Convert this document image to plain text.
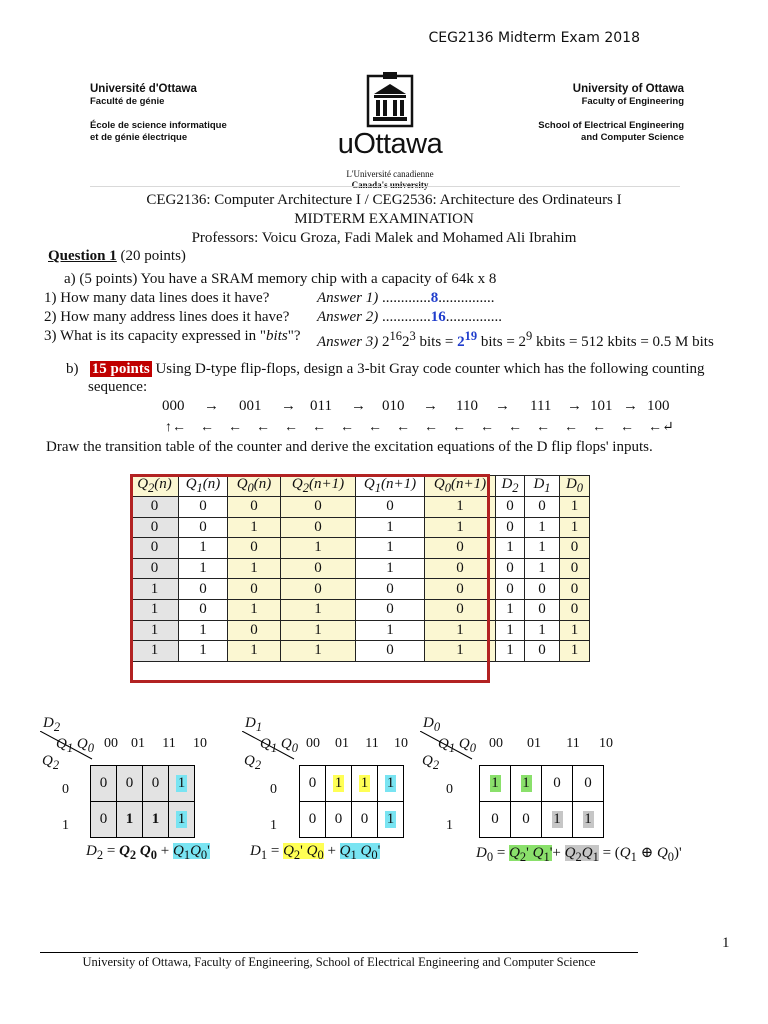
CEG2136 Midterm Exam 2018
Université d'Ottawa
Faculté de génie
École de science informatique
et de génie électrique	uOttawa
L'Université canadienne
Canada's university
University of Ottawa
Faculty of Engineering
School of Electrical Engineering
and Computer Science
CEG2136: Computer Architecture I / CEG2536: Architecture des Ordinateurs I
MIDTERM EXAMINATION
Professors: Voicu Groza, Fadi Malek and Mohamed Ali Ibrahim
Question 1 (20 points)
a) (5 points) You have a SRAM memory chip with a capacity of 64k x 8
1) How many data lines does it have?	Answer 1) .............8...............
2) How many address lines does it have? Answer 2) .............16...............
3) What is its capacity expressed in "bits"? Answer 3) $2^{16}2^3$ bits = $2^{19}$ bits = $2^9$ kbits = 512 kbits = 0.5 M bits
b) 15 points Using D-type flip-flops, design a 3-bit Gray code counter which has the following counting
sequence:
000 → 001 → 011 → 010 → 110 → 111 → 101 → 100
↑←    ←    ←    ←    ←    ←    ←    ←    ←    ←    ←    ←    ←    ←    ←    ←    ←    ←↵
Draw the transition table of the counter and derive the excitation equations of the D flip flops' inputs.
$Q_2(n)$	$Q_1(n)$	$Q_0(n)$	$Q_2(n+1)$	$Q_1(n+1)$	$Q_0(n+1)$	$D_2$	$D_1$	$D_0$
0	0	0	0	0	1	0	0	1
0	0	1	0	1	1	0	1	1
0	1	0	1	1	0	1	1	0
0	1	1	0	1	0	0	1	0
1	0	0	0	0	0	0	0	0
1	0	1	1	0	0	1	0	0
1	1	0	1	1	1	1	1	1
1	1	1	1	0	1	1	0	1
$D_2$
$Q_1$ $Q_0$
$Q_2$
00 01	11	10
0
1
0	0	0	1
0	1	1	1
$D_2 = Q_2$ $Q_0 + Q_1Q_0'$
$D_1$
$Q_1$ $Q_0$
$Q_2$
00	01	11	10
0
1
0	1	1	1
0	0	0	1
$D_1 = Q_2'$ $Q_0 + Q_1$ $Q_0'$
$D_0$
$Q_1$ $Q_0$
$Q_2$
00	01	11	10
0
1
1	1	0	0
0	0	1	1
$D_0 = Q_2'$ $Q_1'+ Q_2Q_1 = (Q_1$ ⊕ $Q_0)'$
1
University of Ottawa, Faculty of Engineering, School of Electrical Engineering and Computer Science
